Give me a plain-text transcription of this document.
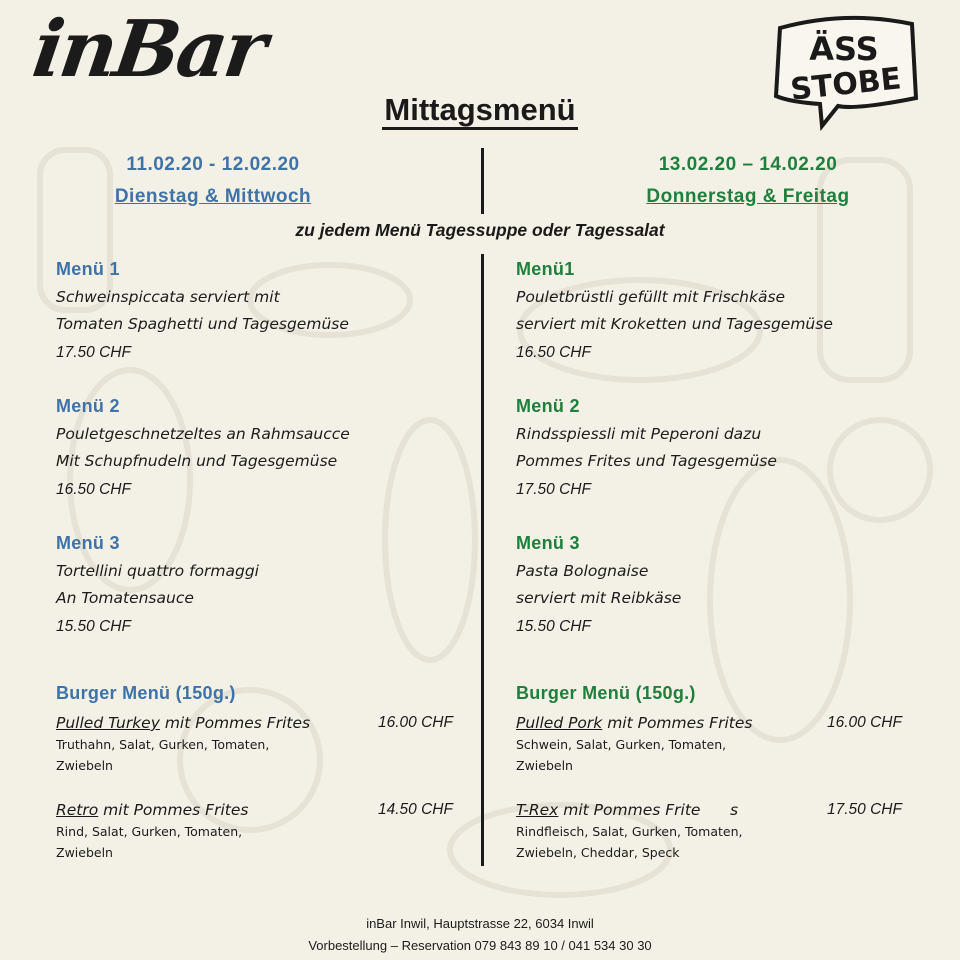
inBar	ÄSS
STOBE
Mittagsmenü
11.02.20 - 12.02.20
Dienstag & Mittwoch
13.02.20 – 14.02.20
Donnerstag & Freitag
zu jedem Menü Tagessuppe oder Tagessalat
Menü 1
Schweinspiccata serviert mit
Tomaten Spaghetti und Tagesgemüse
17.50 CHF
Menü 2
Pouletgeschnetzeltes an Rahmsaucce
Mit Schupfnudeln und Tagesgemüse
16.50 CHF
Menü 3
Tortellini quattro formaggi
An Tomatensauce
15.50 CHF
Burger Menü (150g.)
Pulled Turkey mit Pommes Frites	16.00 CHF
Truthahn, Salat, Gurken, Tomaten,
Zwiebeln
Retro mit Pommes Frites	14.50 CHF
Rind, Salat, Gurken, Tomaten,
Zwiebeln
Menü1
Pouletbrüstli gefüllt mit Frischkäse
serviert mit Kroketten und Tagesgemüse
16.50 CHF
Menü 2
Rindsspiessli mit Peperoni dazu
Pommes Frites und Tagesgemüse
17.50 CHF
Menü 3
Pasta Bolognaise
serviert mit Reibkäse
15.50 CHF
Burger Menü (150g.)
Pulled Pork mit Pommes Frites	16.00 CHF
Schwein, Salat, Gurken, Tomaten,
Zwiebeln
T-Rex mit Pommes Frite	s	17.50 CHF
Rindfleisch, Salat, Gurken, Tomaten,
Zwiebeln, Cheddar, Speck
inBar Inwil, Hauptstrasse 22, 6034 Inwil
Vorbestellung – Reservation 079 843 89 10 / 041 534 30 30
